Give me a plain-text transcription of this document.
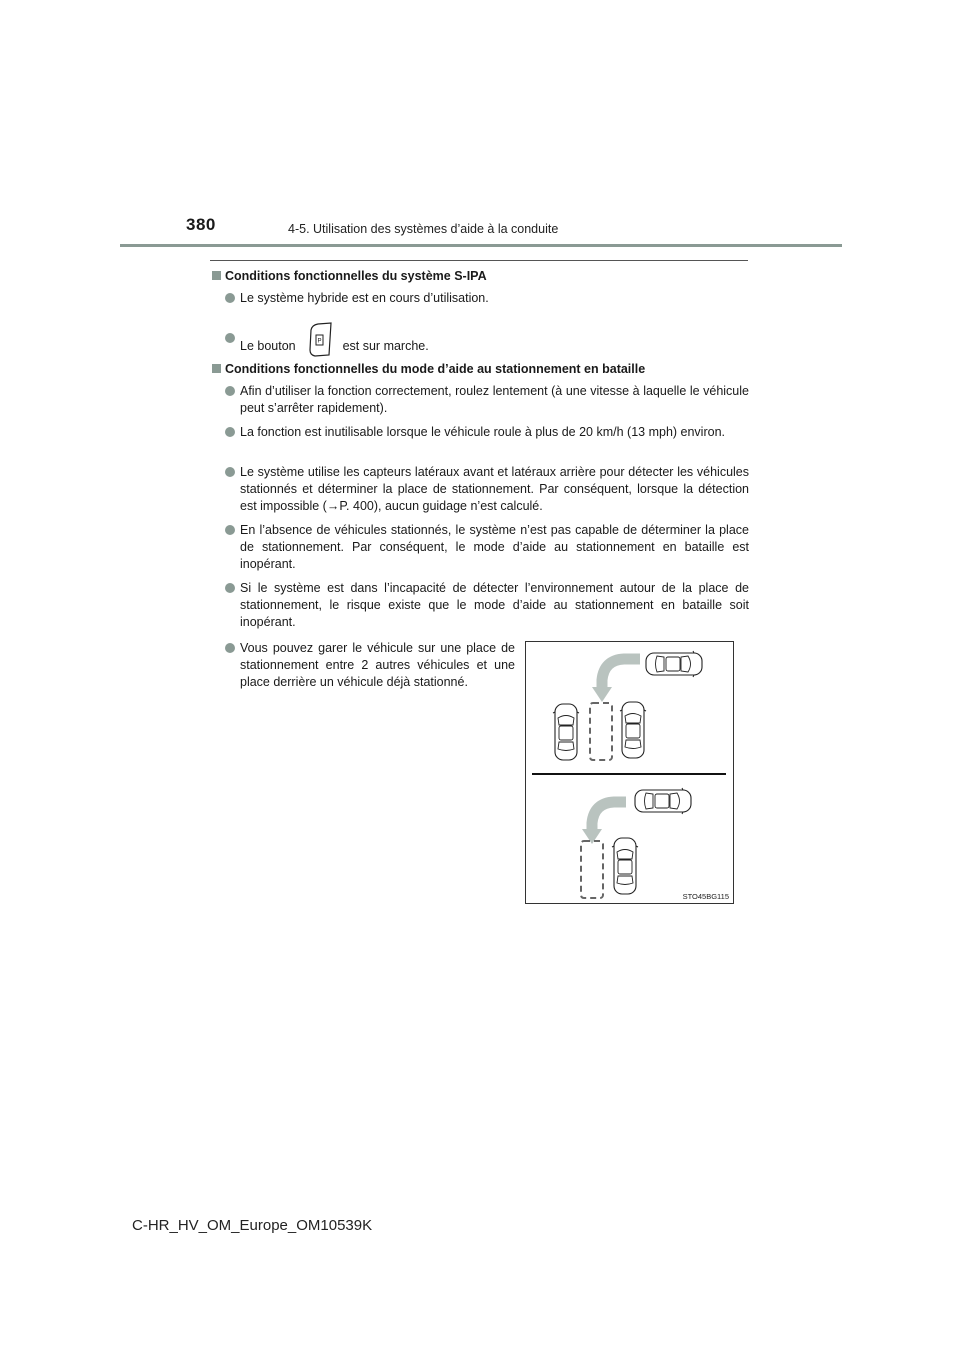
380	4-5. Utilisation des systèmes d’aide à la conduite
Conditions fonctionnelles du système S-IPA
Le système hybride est en cours d’utilisation.
Le bouton	P est sur marche.
Conditions fonctionnelles du mode d’aide au stationnement en bataille
Afin d’utiliser la fonction correctement, roulez lentement (à une vitesse à laquelle le véhicule peut s’arrêter rapidement).
La fonction est inutilisable lorsque le véhicule roule à plus de 20 km/h (13 mph) environ.
Le système utilise les capteurs latéraux avant et latéraux arrière pour détecter les véhicules stationnés et déterminer la place de stationnement. Par conséquent, lorsque la détection est impossible (→P. 400), aucun guidage n’est calculé.
En l’absence de véhicules stationnés, le système n’est pas capable de déterminer la place de stationnement. Par conséquent, le mode d’aide au stationnement en bataille est inopérant.
Si le système est dans l’incapacité de détecter l’environnement autour de la place de stationnement, le risque existe que le mode d’aide au stationnement en bataille soit inopérant.
Vous pouvez garer le véhicule sur une place de stationnement entre 2 autres véhicules et une place derrière un véhicule déjà stationné.
STO45BG115
C-HR_HV_OM_Europe_OM10539K
